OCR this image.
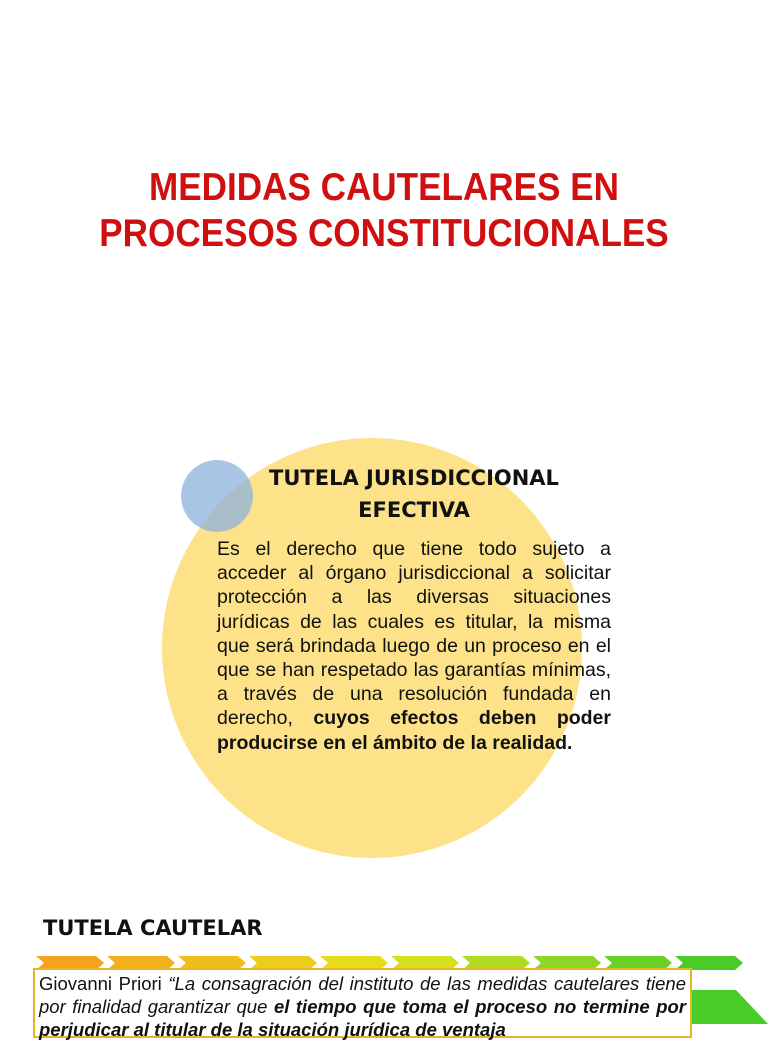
MEDIDAS CAUTELARES EN
PROCESOS CONSTITUCIONALES
TUTELA JURISDICCIONAL
EFECTIVA
Es el derecho que tiene todo sujeto a acceder al órgano jurisdiccional a solicitar protección a las diversas situaciones jurídicas de las cuales es titular, la misma que será brindada luego de un proceso en el que se han respetado las garantías mínimas, a través de una resolución fundada en derecho, cuyos efectos deben poder producirse en el ámbito de la realidad.
TUTELA CAUTELAR
Giovanni Priori “La consagración del instituto de las medidas cautelares tiene por finalidad garantizar que el tiempo que toma el proceso no termine por perjudicar al titular de la situación jurídica de ventaja
